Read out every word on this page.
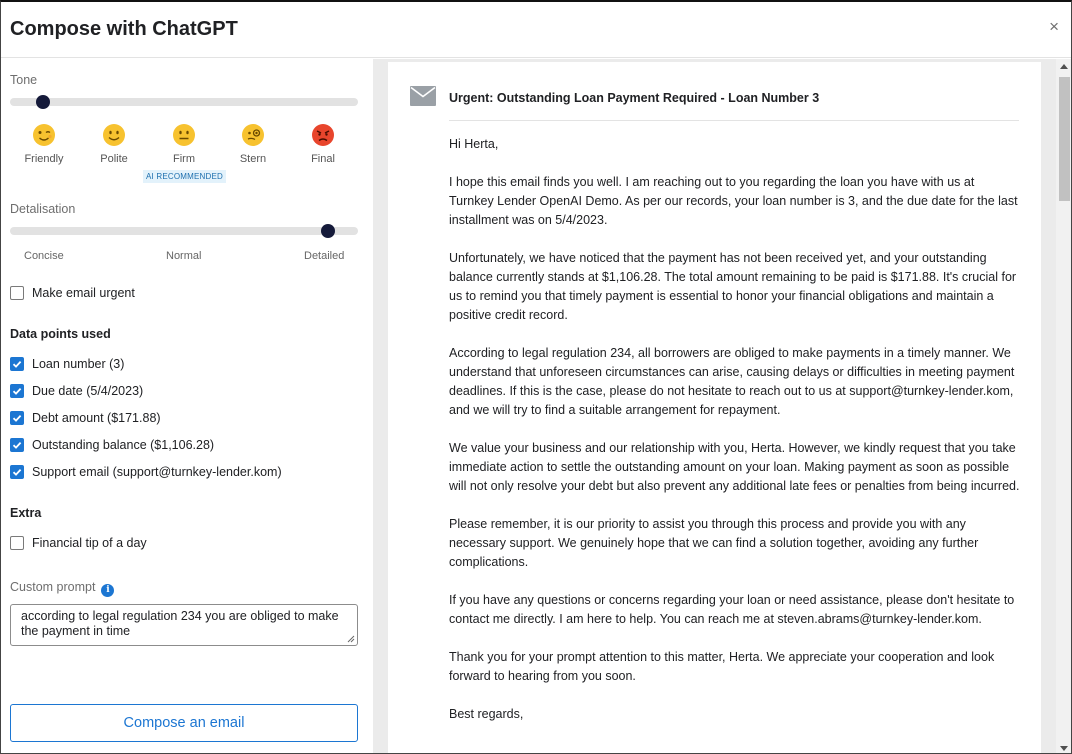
Compose with ChatGPT	×
Tone
Friendly	Polite	Firm	Stern	Final
AI RECOMMENDED
Detalisation
Concise	Normal	Detailed
Make email urgent
Data points used
Loan number (3)
Due date (5/4/2023)
Debt amount ($171.88)
Outstanding balance ($1,106.28)
Support email (support@turnkey-lender.kom)
Extra
Financial tip of a day
Custom prompt i
according to legal regulation 234 you are obliged to make the payment in time
Compose an email
Urgent: Outstanding Loan Payment Required - Loan Number 3

Hi Herta,

I hope this email finds you well. I am reaching out to you regarding the loan you have with us at Turnkey Lender OpenAI Demo. As per our records, your loan number is 3, and the due date for the last installment was on 5/4/2023.

Unfortunately, we have noticed that the payment has not been received yet, and your outstanding balance currently stands at $1,106.28. The total amount remaining to be paid is $171.88. It's crucial for us to remind you that timely payment is essential to honor your financial obligations and maintain a positive credit record.

According to legal regulation 234, all borrowers are obliged to make payments in a timely manner. We understand that unforeseen circumstances can arise, causing delays or difficulties in meeting payment deadlines. If this is the case, please do not hesitate to reach out to us at support@turnkey-lender.kom, and we will try to find a suitable arrangement for repayment.

We value your business and our relationship with you, Herta. However, we kindly request that you take immediate action to settle the outstanding amount on your loan. Making payment as soon as possible will not only resolve your debt but also prevent any additional late fees or penalties from being incurred.

Please remember, it is our priority to assist you through this process and provide you with any necessary support. We genuinely hope that we can find a solution together, avoiding any further complications.

If you have any questions or concerns regarding your loan or need assistance, please don't hesitate to contact me directly. I am here to help. You can reach me at steven.abrams@turnkey-lender.kom.

Thank you for your prompt attention to this matter, Herta. We appreciate your cooperation and look forward to hearing from you soon.

Best regards,
